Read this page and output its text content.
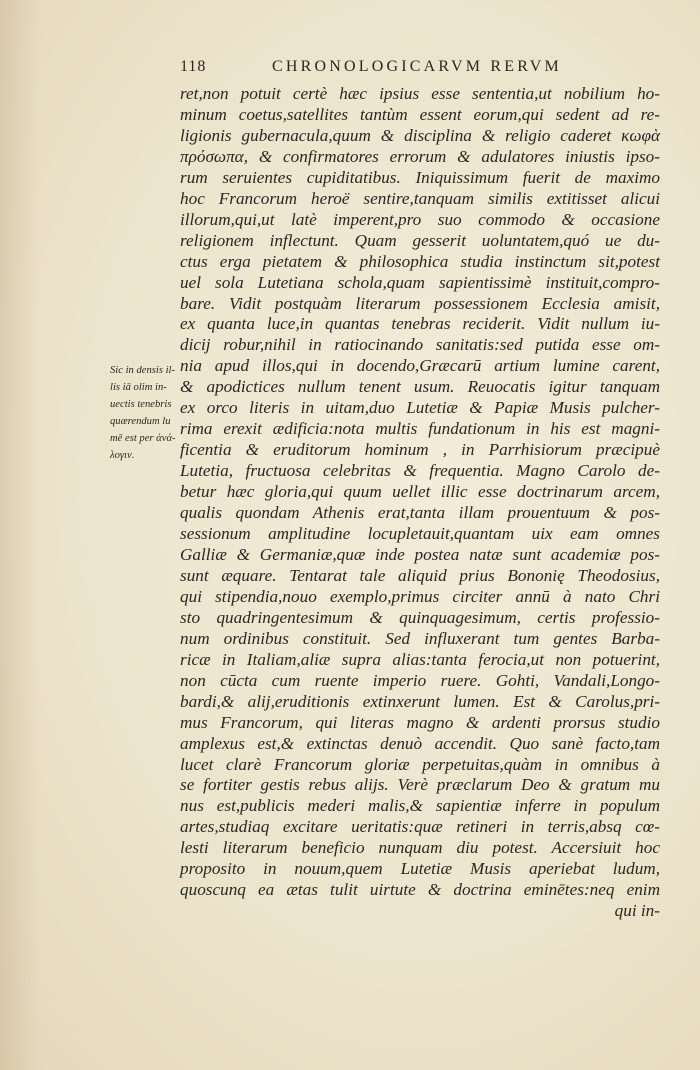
118	CHRONOLOGICARVM RERVM
Sic in densis il-
lis iā olim in-
uectis tenebris
quærendum lu
mē est per ἀνά-
λογιν.
ret,non potuit certè hæc ipsius esse sententia,ut nobilium ho-
minum coetus,satellites tantùm essent eorum,qui sedent ad re-
ligionis gubernacula,quum & disciplina & religio caderet κωφὰ
πρόσωπα, & confirmatores errorum & adulatores iniustis ipso-
rum seruientes cupiditatibus. Iniquissimum fuerit de maximo
hoc Francorum heroë sentire,tanquam similis extitisset alicui
illorum,qui,ut latè imperent,pro suo commodo & occasione
religionem inflectunt. Quam gesserit uoluntatem,quó ue du-
ctus erga pietatem & philosophica studia instinctum sit,potest
uel sola Lutetiana schola,quam sapientissimè instituit,compro-
bare. Vidit postquàm literarum possessionem Ecclesia amisit,
ex quanta luce,in quantas tenebras reciderit. Vidit nullum iu-
dicij robur,nihil in ratiocinando sanitatis:sed putida esse om-
nia apud illos,qui in docendo,Græcarū artium lumine carent,
& apodictices nullum tenent usum. Reuocatis igitur tanquam
ex orco literis in uitam,duo Lutetiæ & Papiæ Musis pulcher-
rima erexit ædificia:nota multis fundationum in his est magni-
ficentia & eruditorum hominum , in Parrhisiorum præcipuè
Lutetia, fructuosa celebritas & frequentia. Magno Carolo de-
betur hæc gloria,qui quum uellet illic esse doctrinarum arcem,
qualis quondam Athenis erat,tanta illam prouentuum & pos-
sessionum amplitudine locupletauit,quantam uix eam omnes
Galliæ & Germaniæ,quæ inde postea natæ sunt academiæ pos-
sunt æquare. Tentarat tale aliquid prius Bononię Theodosius,
qui stipendia,nouo exemplo,primus circiter annū à nato Chri
sto quadringentesimum & quinquagesimum, certis professio-
num ordinibus constituit. Sed influxerant tum gentes Barba-
ricæ in Italiam,aliæ supra alias:tanta ferocia,ut non potuerint,
non cūcta cum ruente imperio ruere. Gohti, Vandali,Longo-
bardi,& alij,eruditionis extinxerunt lumen. Est & Carolus,pri-
mus Francorum, qui literas magno & ardenti prorsus studio
amplexus est,& extinctas denuò accendit. Quo sanè facto,tam
lucet clarè Francorum gloriæ perpetuitas,quàm in omnibus à
se fortiter gestis rebus alijs. Verè præclarum Deo & gratum mu
nus est,publicis mederi malis,& sapientiæ inferre in populum
artes,studiaq excitare ueritatis:quæ retineri in terris,absq cœ-
lesti literarum beneficio nunquam diu potest. Accersiuit hoc
proposito in nouum,quem Lutetiæ Musis aperiebat ludum,
quoscunq ea ætas tulit uirtute & doctrina eminētes:neq enim
qui in-
